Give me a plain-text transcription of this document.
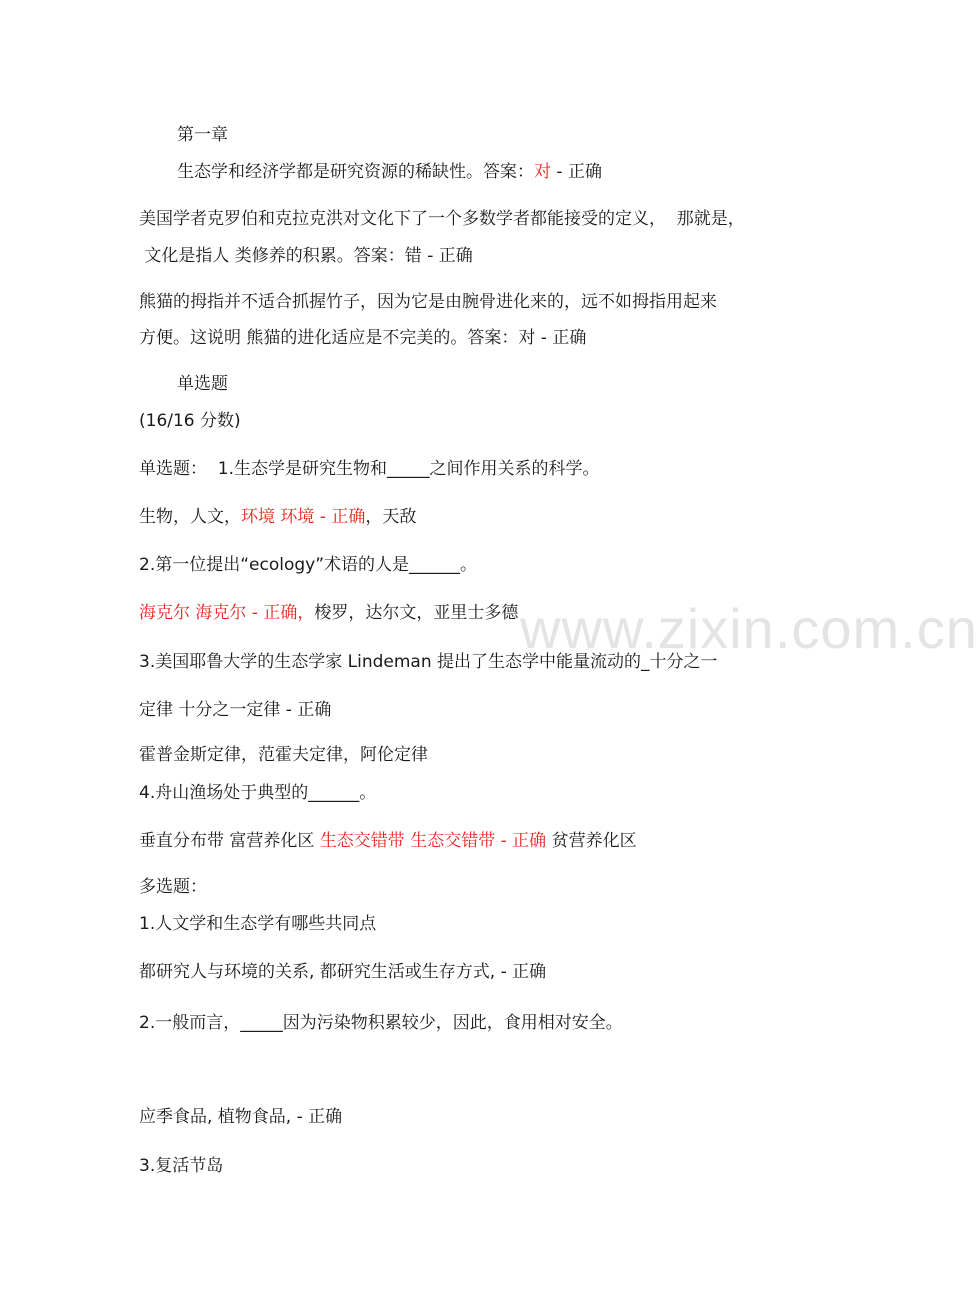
www.zixin.com.cn
第一章
生态学和经济学都是研究资源的稀缺性。答案：对 - 正确
美国学者克罗伯和克拉克洪对文化下了一个多数学者都能接受的定义，  那就是，
文化是指人 类修养的积累。答案：错 - 正确
熊猫的拇指并不适合抓握竹子，因为它是由腕骨进化来的，远不如拇指用起来
方便。这说明 熊猫的进化适应是不完美的。答案：对 - 正确
单选题
(16/16 分数)
单选题：  1.生态学是研究生物和_____之间作用关系的科学。
生物，人文，环境 环境 - 正确，天敌
2.第一位提出“ecology”术语的人是______。
海克尔 海克尔 - 正确，梭罗，达尔文，亚里士多德
3.美国耶鲁大学的生态学家 Lindeman 提出了生态学中能量流动的_十分之一
定律 十分之一定律 - 正确
霍普金斯定律，范霍夫定律，阿伦定律
4.舟山渔场处于典型的______。
垂直分布带 富营养化区 生态交错带 生态交错带 - 正确 贫营养化区
多选题：
1.人文学和生态学有哪些共同点
都研究人与环境的关系, 都研究生活或生存方式, - 正确
2.一般而言，_____因为污染物积累较少，因此，食用相对安全。
应季食品, 植物食品, - 正确
3.复活节岛
